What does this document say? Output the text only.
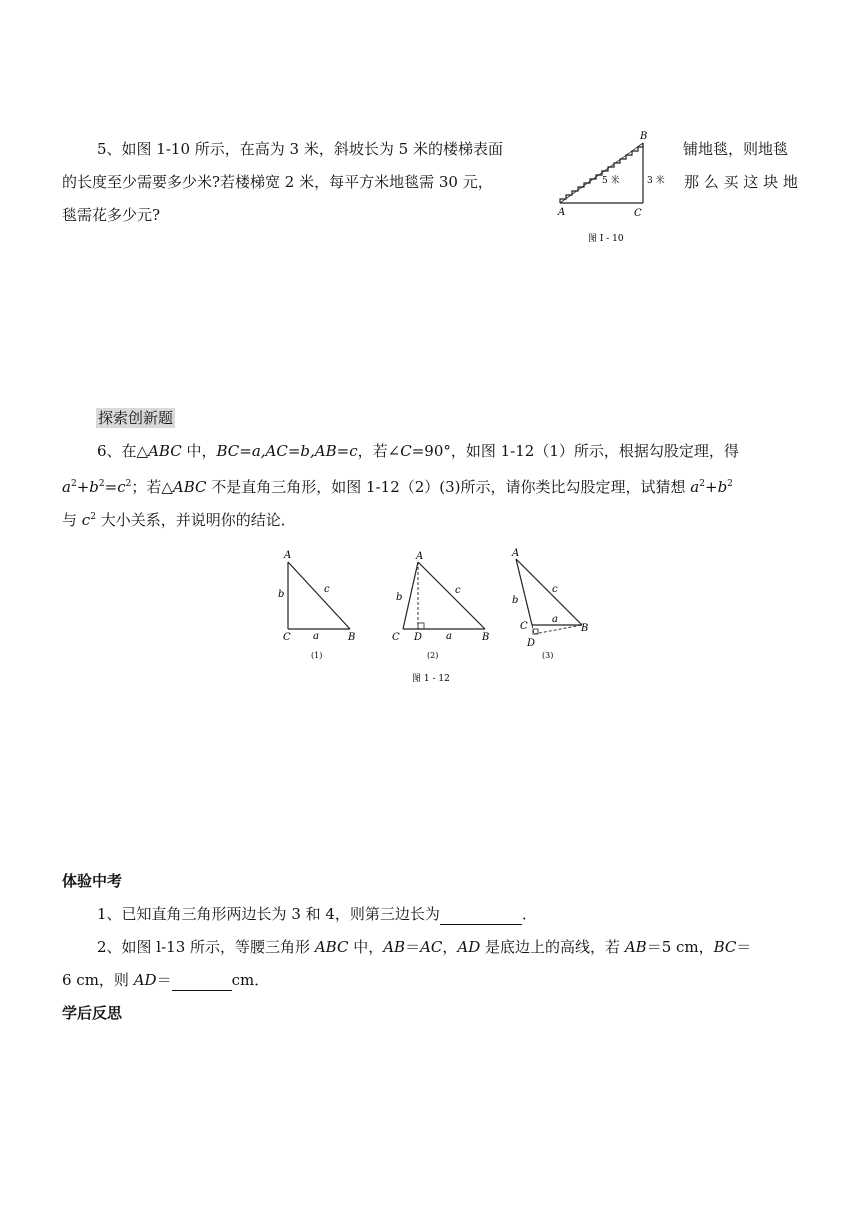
5、如图 1-10 所示，在高为 3 米，斜坡长为 5 米的楼梯表面	铺地毯，则地毯
的长度至少需要多少米?若楼梯宽 2 米，每平方米地毯需 30 元，	那 么 买 这 块 地
毯需花多少元?	A
B
C
5 米	3 米
图 I - 10
探索创新题
6、在△ABC 中，BC=a,AC=b,AB=c，若∠C=90°，如图 1-12（1）所示，根据勾股定理，得
$a^2+b^2=c^2$；若△ABC 不是直角三角形，如图 1-12（2）(3)所示，请你类比勾股定理，试猜想 $a^2+b^2$
与 $c^2$ 大小关系，并说明你的结论．
A
B
C a
b	c
(1)
A
B
C D a
b
c
(2)
A
B
C
D
a
b
c
(3)
图 1 - 12
体验中考
1、已知直角三角形两边长为 3 和 4，则第三边长为	．
2、如图 l-13 所示，等腰三角形 ABC 中，AB＝AC，AD 是底边上的高线，若 AB＝5 cm，BC＝
6 cm，则 AD＝	cm．
学后反思
